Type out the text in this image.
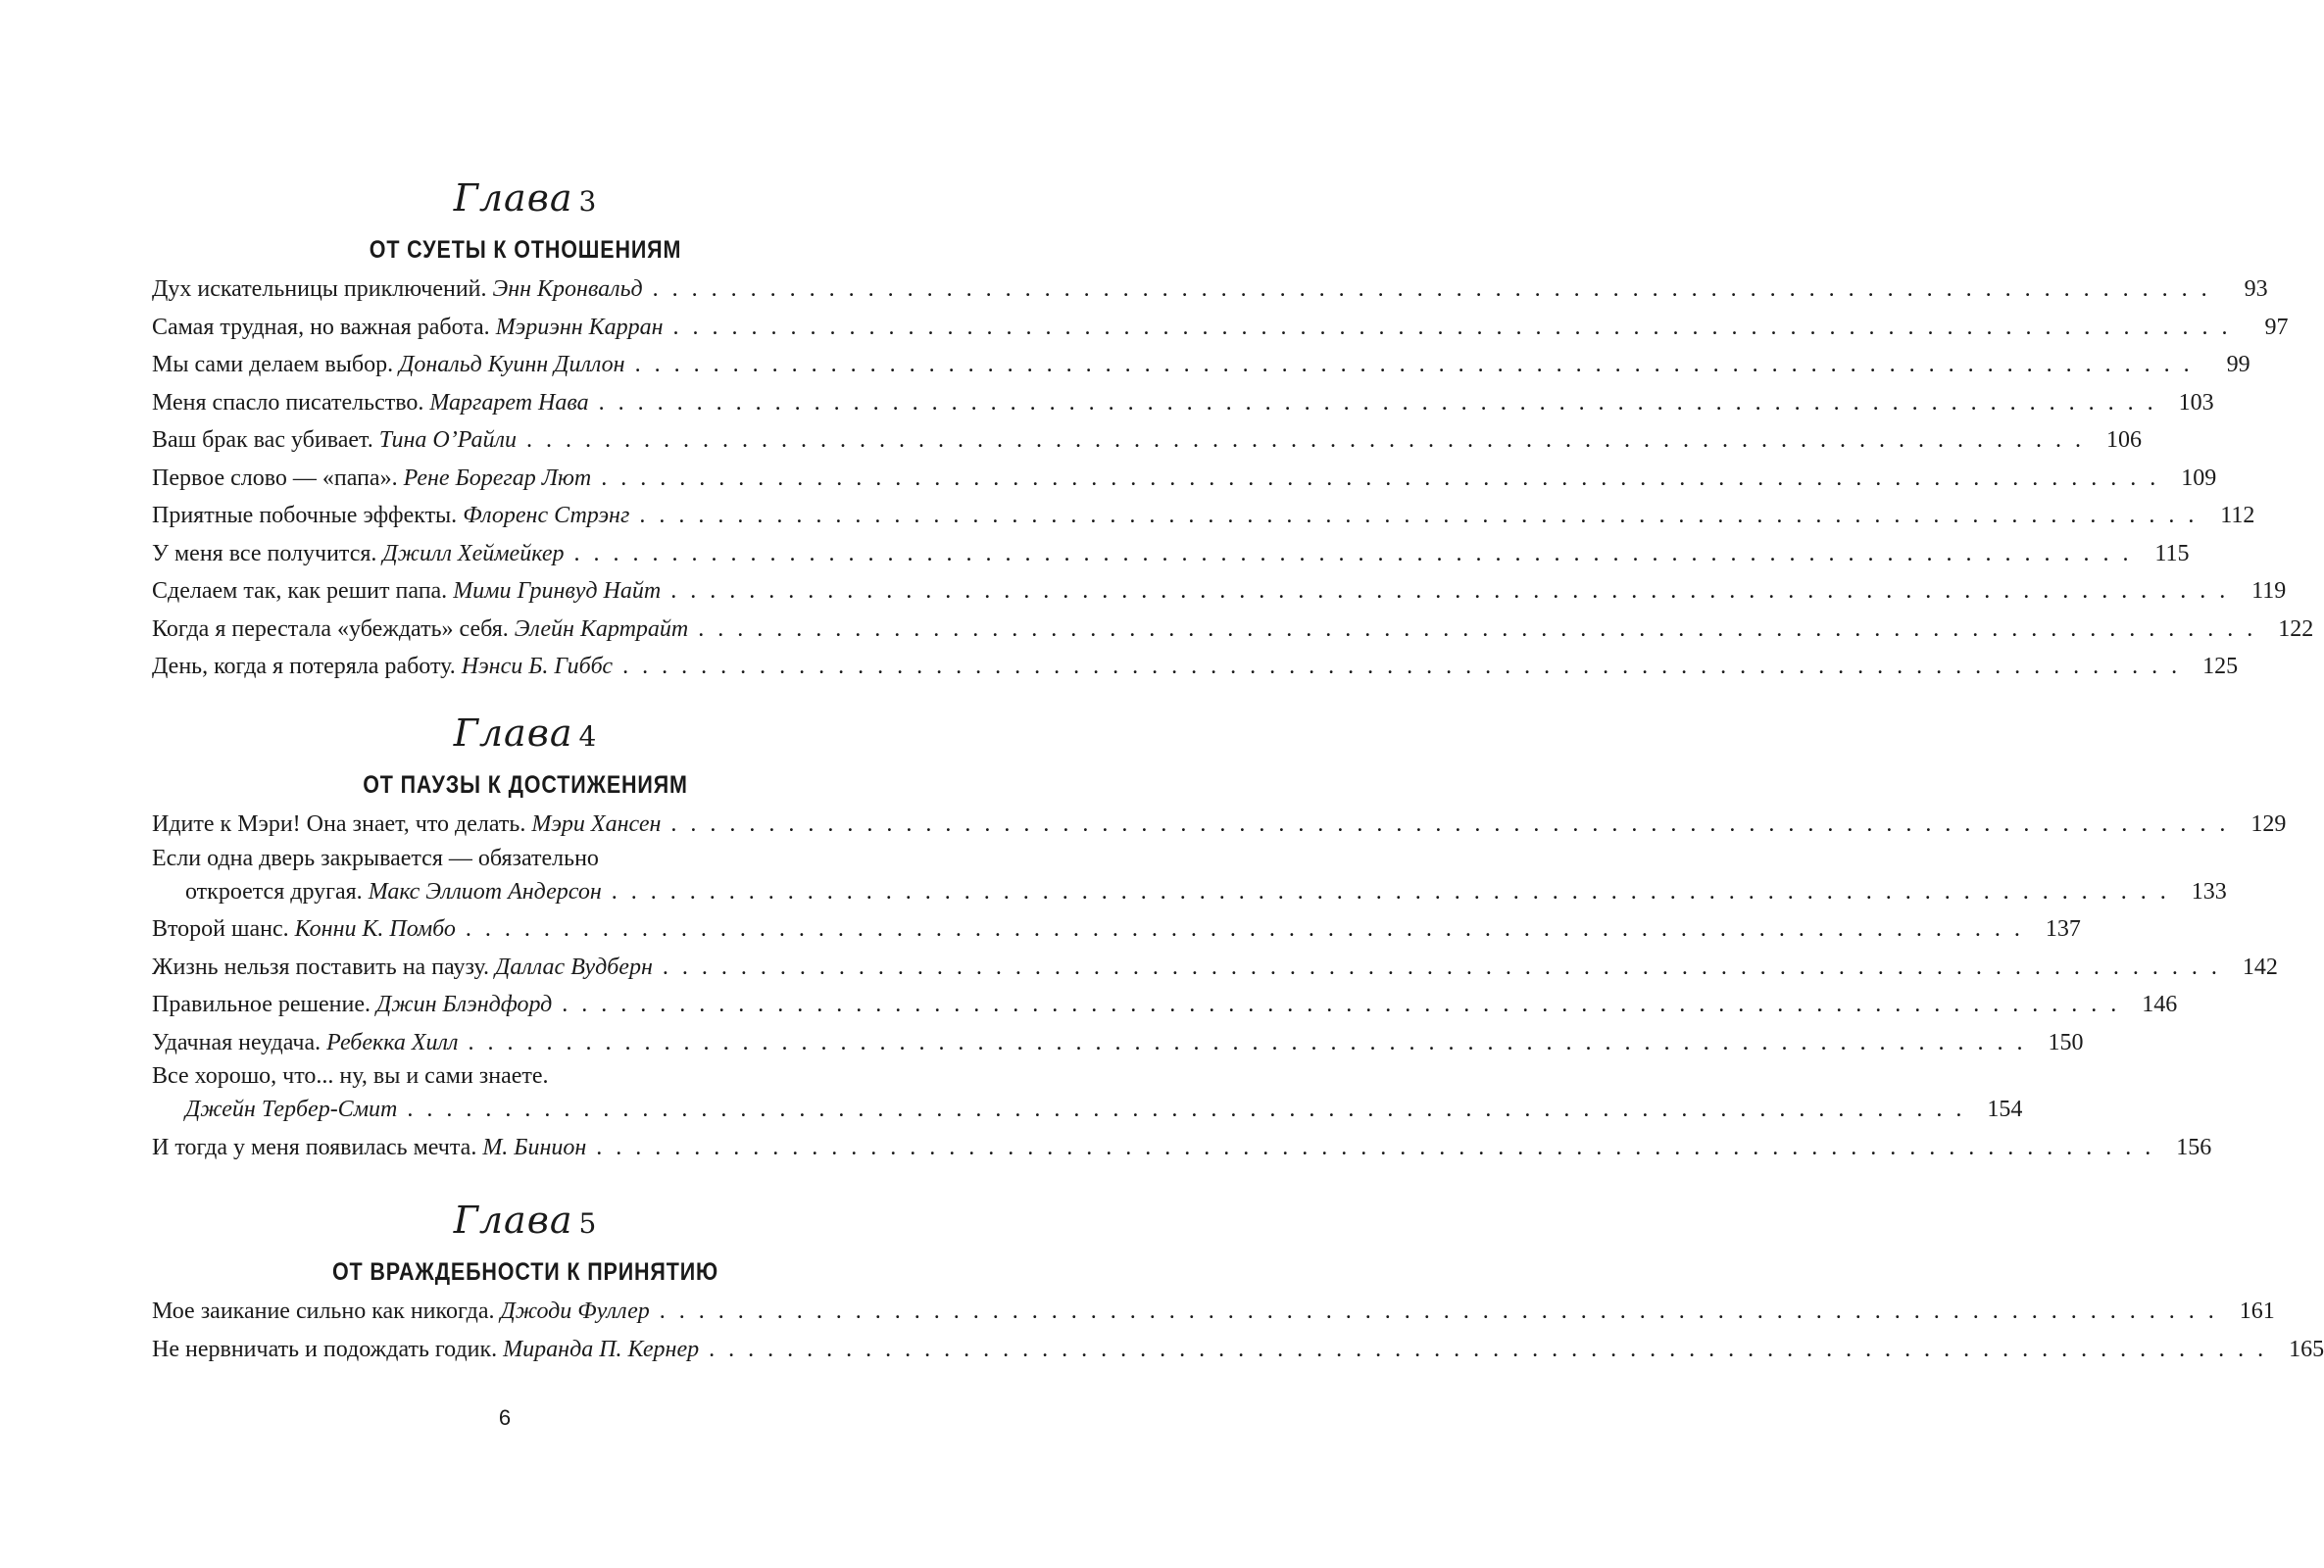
Глава 3
ОТ СУЕТЫ К ОТНОШЕНИЯМ
Дух искательницы приключений. Энн Кронвальд . . . . . . . . . . . . . . . . . . . . . . . . . . . . . . . . . . . . . . . . . . . . . . . . . . . . . . . . . . . . . . . . . . . . . . . . . . . . . . . .	93
Самая трудная, но важная работа. Мэриэнн Карран . . . . . . . . . . . . . . . . . . . . . . . . . . . . . . . . . . . . . . . . . . . . . . . . . . . . . . . . . . . . . . . . . . . . . . . . . . . . . . . .	97
Мы сами делаем выбор. Дональд Куинн Диллон . . . . . . . . . . . . . . . . . . . . . . . . . . . . . . . . . . . . . . . . . . . . . . . . . . . . . . . . . . . . . . . . . . . . . . . . . . . . . . . .	99
Меня спасло писательство. Маргарет Нава . . . . . . . . . . . . . . . . . . . . . . . . . . . . . . . . . . . . . . . . . . . . . . . . . . . . . . . . . . . . . . . . . . . . . . . . . . . . . . . . 103
Ваш брак вас убивает. Тина О’Райли . . . . . . . . . . . . . . . . . . . . . . . . . . . . . . . . . . . . . . . . . . . . . . . . . . . . . . . . . . . . . . . . . . . . . . . . . . . . . . . . 106
Первое слово — «папа». Рене Борегар Лют . . . . . . . . . . . . . . . . . . . . . . . . . . . . . . . . . . . . . . . . . . . . . . . . . . . . . . . . . . . . . . . . . . . . . . . . . . . . . . . . 109
Приятные побочные эффекты. Флоренс Стрэнг . . . . . . . . . . . . . . . . . . . . . . . . . . . . . . . . . . . . . . . . . . . . . . . . . . . . . . . . . . . . . . . . . . . . . . . . . . . . . . . . 112
У меня все получится. Джилл Хеймейкер . . . . . . . . . . . . . . . . . . . . . . . . . . . . . . . . . . . . . . . . . . . . . . . . . . . . . . . . . . . . . . . . . . . . . . . . . . . . . . . . 115
Сделаем так, как решит папа. Мими Гринвуд Найт . . . . . . . . . . . . . . . . . . . . . . . . . . . . . . . . . . . . . . . . . . . . . . . . . . . . . . . . . . . . . . . . . . . . . . . . . . . . . . . . 119
Когда я перестала «убеждать» себя. Элейн Картрайт . . . . . . . . . . . . . . . . . . . . . . . . . . . . . . . . . . . . . . . . . . . . . . . . . . . . . . . . . . . . . . . . . . . . . . . . . . . . . . . . 122
День, когда я потеряла работу. Нэнси Б. Гиббс . . . . . . . . . . . . . . . . . . . . . . . . . . . . . . . . . . . . . . . . . . . . . . . . . . . . . . . . . . . . . . . . . . . . . . . . . . . . . . . . 125
Глава 4
ОТ ПАУЗЫ К ДОСТИЖЕНИЯМ
Идите к Мэри! Она знает, что делать. Мэри Хансен . . . . . . . . . . . . . . . . . . . . . . . . . . . . . . . . . . . . . . . . . . . . . . . . . . . . . . . . . . . . . . . . . . . . . . . . . . . . . . . . 129
Если одна дверь закрывается — обязательно
откроется другая. Макс Эллиот Андерсон . . . . . . . . . . . . . . . . . . . . . . . . . . . . . . . . . . . . . . . . . . . . . . . . . . . . . . . . . . . . . . . . . . . . . . . . . . . . . . . . 133
Второй шанс. Конни К. Помбо . . . . . . . . . . . . . . . . . . . . . . . . . . . . . . . . . . . . . . . . . . . . . . . . . . . . . . . . . . . . . . . . . . . . . . . . . . . . . . . . 137
Жизнь нельзя поставить на паузу. Даллас Вудберн . . . . . . . . . . . . . . . . . . . . . . . . . . . . . . . . . . . . . . . . . . . . . . . . . . . . . . . . . . . . . . . . . . . . . . . . . . . . . . . . 142
Правильное решение. Джин Блэндфорд . . . . . . . . . . . . . . . . . . . . . . . . . . . . . . . . . . . . . . . . . . . . . . . . . . . . . . . . . . . . . . . . . . . . . . . . . . . . . . . . 146
Удачная неудача. Ребекка Хилл . . . . . . . . . . . . . . . . . . . . . . . . . . . . . . . . . . . . . . . . . . . . . . . . . . . . . . . . . . . . . . . . . . . . . . . . . . . . . . . . 150
Все хорошо, что... ну, вы и сами знаете.
Джейн Тербер-Смит . . . . . . . . . . . . . . . . . . . . . . . . . . . . . . . . . . . . . . . . . . . . . . . . . . . . . . . . . . . . . . . . . . . . . . . . . . . . . . . . 154
И тогда у меня появилась мечта. М. Бинион . . . . . . . . . . . . . . . . . . . . . . . . . . . . . . . . . . . . . . . . . . . . . . . . . . . . . . . . . . . . . . . . . . . . . . . . . . . . . . . . 156
Глава 5
ОТ ВРАЖДЕБНОСТИ К ПРИНЯТИЮ
Мое заикание сильно как никогда. Джоди Фуллер . . . . . . . . . . . . . . . . . . . . . . . . . . . . . . . . . . . . . . . . . . . . . . . . . . . . . . . . . . . . . . . . . . . . . . . . . . . . . . . . 161
Не нервничать и подождать годик. Миранда П. Кернер . . . . . . . . . . . . . . . . . . . . . . . . . . . . . . . . . . . . . . . . . . . . . . . . . . . . . . . . . . . . . . . . . . . . . . . . . . . . . . . . 165
6
